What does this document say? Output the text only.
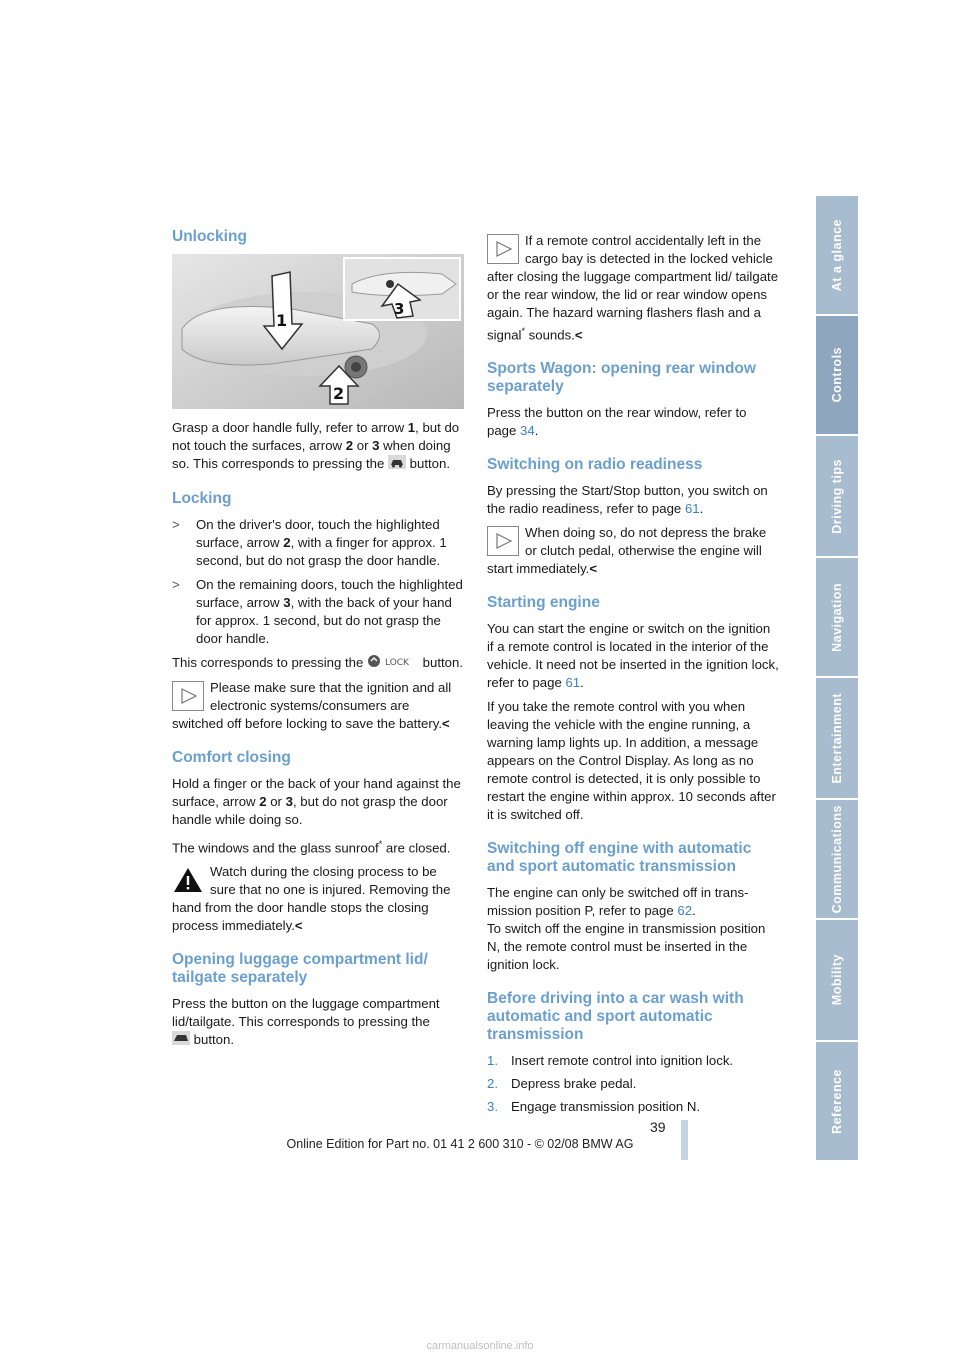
Unlocking
1
2
3

Grasp a door handle fully, refer to arrow 1, but do not touch the surfaces, arrow 2 or 3 when doing so. This corresponds to pressing the  button.

Locking
>	On the driver's door, touch the highlighted surface, arrow 2, with a finger for approx. 1 second, but do not grasp the door handle.
>	On the remaining doors, touch the highlighted surface, arrow 3, with the back of your hand for approx. 1 second, but do not grasp the door handle.

This corresponds to pressing the LOCK button.

Please make sure that the ignition and all electronic systems/consumers are switched off before locking to save the battery.<
Comfort closing

Hold a finger or the back of your hand against the surface, arrow 2 or 3, but do not grasp the door handle while doing so.

The windows and the glass sunroof* are closed.

Watch during the closing process to be sure that no one is injured. Removing the hand from the door handle stops the closing process immediately.<
Opening luggage compartment lid/ tailgate separately

Press the button on the luggage compartment lid/tailgate. This corresponds to pressing the
button.

If a remote control accidentally left in the cargo bay is detected in the locked vehicle after closing the luggage compartment lid/ tailgate or the rear window, the lid or rear window opens again. The hazard warning flashers flash and a signal* sounds.<
Sports Wagon: opening rear window separately

Press the button on the rear window, refer to page 34.

Switching on radio readiness

By pressing the Start/Stop button, you switch on the radio readiness, refer to page 61.

When doing so, do not depress the brake or clutch pedal, otherwise the engine will start immediately.<
Starting engine

You can start the engine or switch on the ignition if a remote control is located in the interior of the vehicle. It need not be inserted in the ignition lock, refer to page 61.

If you take the remote control with you when leaving the vehicle with the engine running, a warning lamp lights up. In addition, a message appears on the Control Display. As long as no remote control is detected, it is only possible to restart the engine within approx. 10 seconds after it is switched off.

Switching off engine with automatic and sport automatic transmission

The engine can only be switched off in transmission position P, refer to page 62.

To switch off the engine in transmission position N, the remote control must be inserted in the ignition lock.

Before driving into a car wash with automatic and sport automatic transmission
1. Insert remote control into ignition lock.
2. Depress brake pedal.
3. Engage transmission position N.
At a glance
Controls
Driving tips
Navigation
Entertainment
Communications
Mobility
Reference
39
Online Edition for Part no. 01 41 2 600 310 - © 02/08 BMW AG
carmanualsonline.info
